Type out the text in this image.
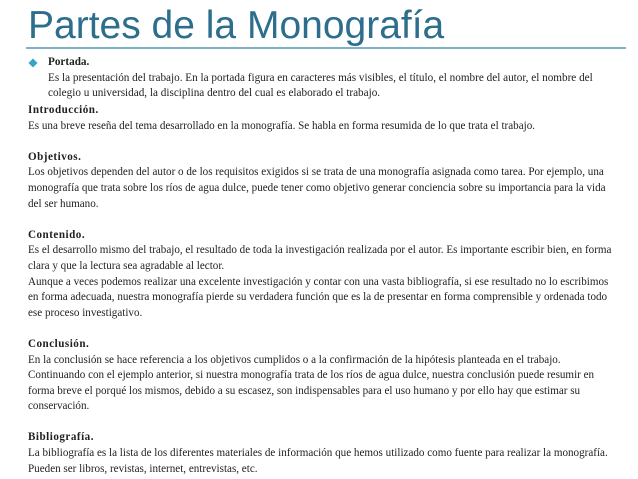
Partes de la Monografía
Portada.
Es la presentación del trabajo. En la portada figura en caracteres más visibles, el título, el nombre del autor, el nombre del colegio u universidad, la disciplina dentro del cual es elaborado el trabajo.
Introducción.

Es una breve reseña del tema desarrollado en la monografía. Se habla en forma resumida de lo que trata el trabajo.

Objetivos.

Los objetivos dependen del autor o de los requisitos exigidos si se trata de una monografía asignada como tarea. Por ejemplo, una monografía que trata sobre los ríos de agua dulce, puede tener como objetivo generar conciencia sobre su importancia para la vida del ser humano.

Contenido.

Es el desarrollo mismo del trabajo, el resultado de toda la investigación realizada por el autor. Es importante escribir bien, en forma clara y que la lectura sea agradable al lector.

Aunque a veces podemos realizar una excelente investigación y contar con una vasta bibliografía, si ese resultado no lo escribimos en forma adecuada, nuestra monografía pierde su verdadera función que es la de presentar en forma comprensible y ordenada todo ese proceso investigativo.

Conclusión.

En la conclusión se hace referencia a los objetivos cumplidos o a la confirmación de la hipótesis planteada en el trabajo. Continuando con el ejemplo anterior, si nuestra monografía trata de los ríos de agua dulce, nuestra conclusión puede resumir en forma breve el porqué los mismos, debido a su escasez, son indispensables para el uso humano y por ello hay que estimar su conservación.

Bibliografía.

La bibliografía es la lista de los diferentes materiales de información que hemos utilizado como fuente para realizar la monografía. Pueden ser libros, revistas, internet, entrevistas, etc.
